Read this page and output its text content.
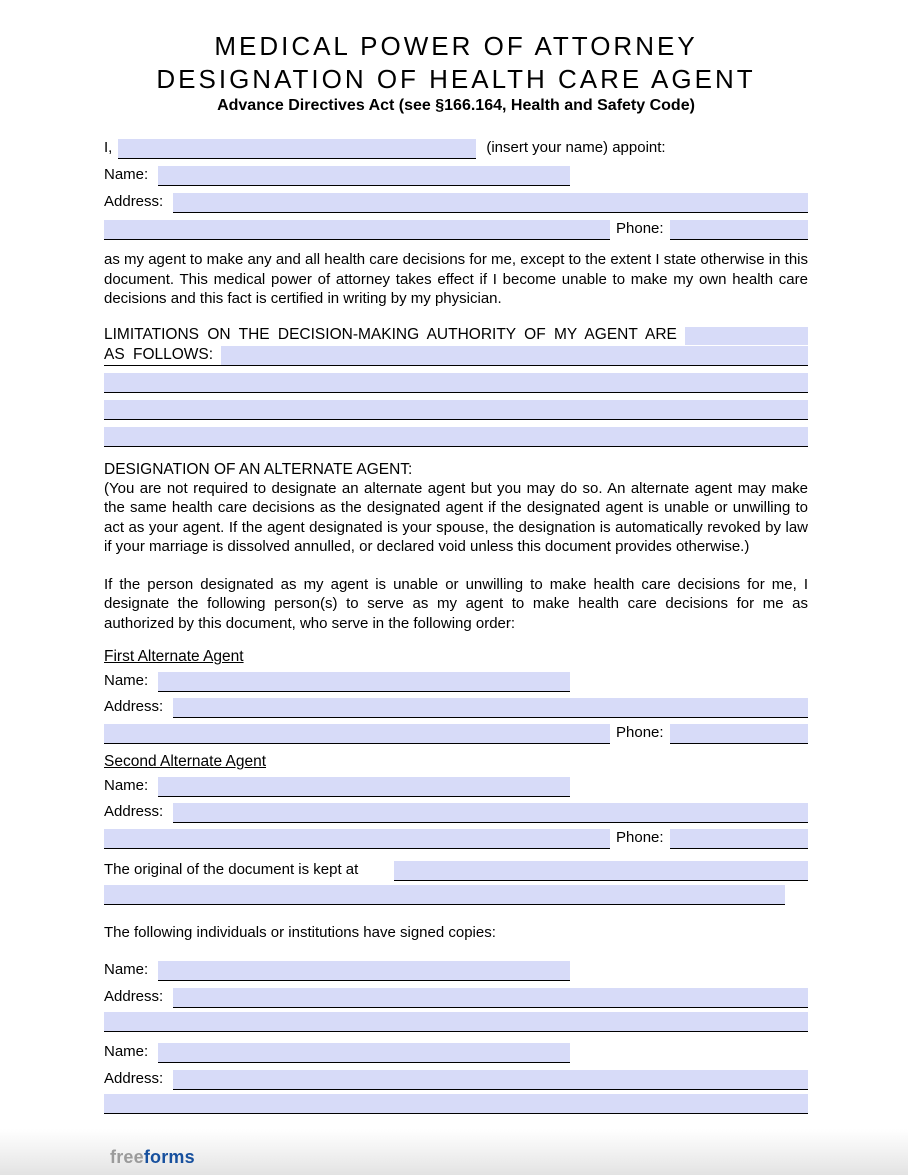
MEDICAL POWER OF ATTORNEY
DESIGNATION OF HEALTH CARE AGENT
Advance Directives Act (see §166.164, Health and Safety Code)
I,	(insert your name) appoint:
Name:
Address:
Phone:

as my agent to make any and all health care decisions for me, except to the extent I state otherwise in this document. This medical power of attorney takes effect if I become unable to make my own health care decisions and this fact is certified in writing by my physician.

LIMITATIONS ON THE DECISION-MAKING AUTHORITY OF MY AGENT ARE
AS FOLLOWS:
DESIGNATION OF AN ALTERNATE AGENT:

(You are not required to designate an alternate agent but you may do so. An alternate agent may make the same health care decisions as the designated agent if the designated agent is unable or unwilling to act as your agent. If the agent designated is your spouse, the designation is automatically revoked by law if your marriage is dissolved annulled, or declared void unless this document provides otherwise.)

If the person designated as my agent is unable or unwilling to make health care decisions for me, I designate the following person(s) to serve as my agent to make health care decisions for me as authorized by this document, who serve in the following order:

First Alternate Agent
Name:
Address:
Phone:
Second Alternate Agent
Name:
Address:
Phone:
The original of the document is kept at
The following individuals or institutions have signed copies:
Name:
Address:
Name:
Address:
freeforms
